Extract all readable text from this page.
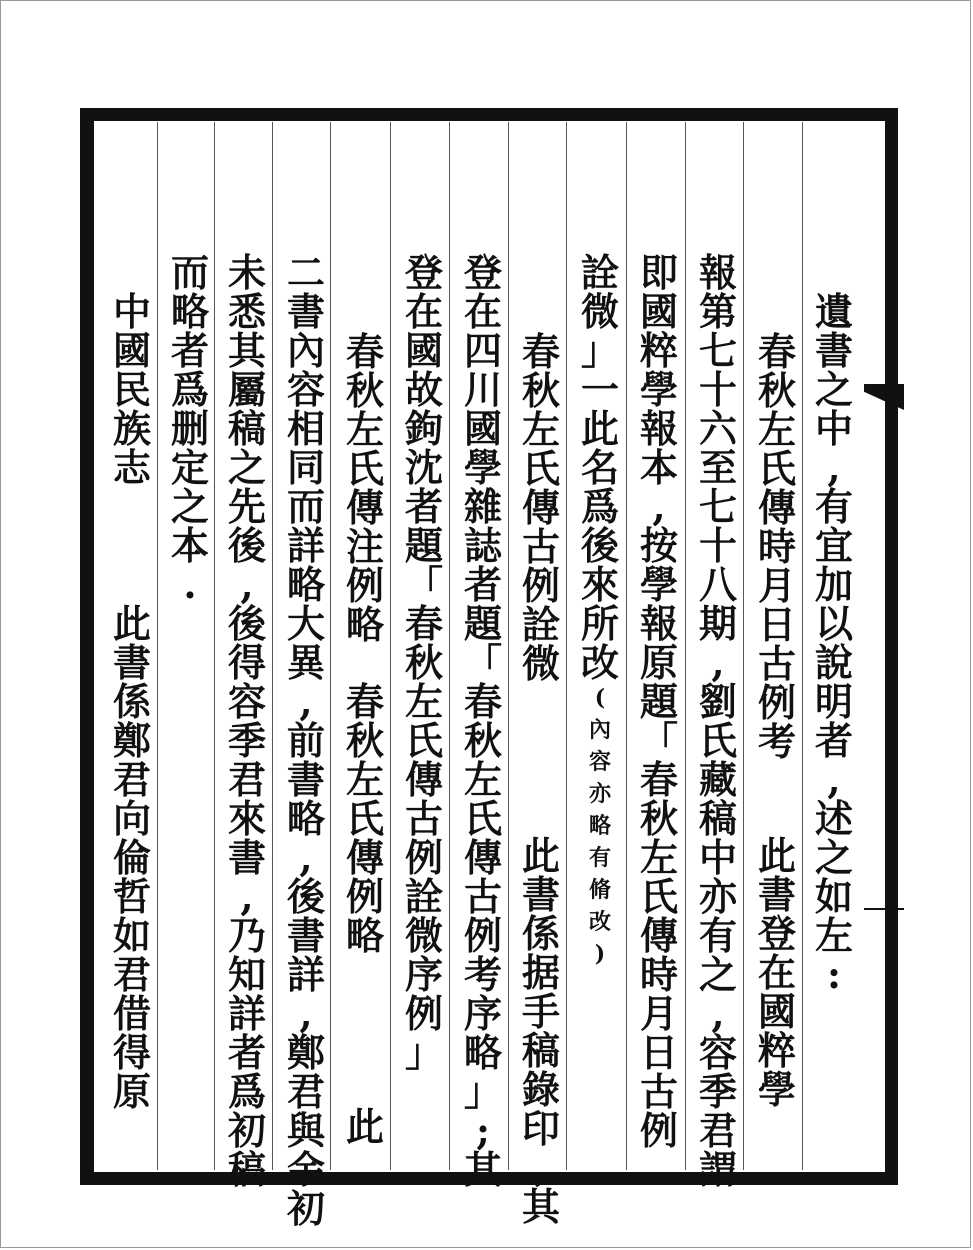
遺
書
之
中
,
有
宜
加
以
說
明
者
,
述
之
如
左
:
春
秋
左
氏
傳
時
月
日
古
例
考
此
書
登
在
國
粹
學
報
第
七
十
六
至
七
十
八
期
,
劉
氏
藏
稿
中
亦
有
之
,
容
季
君
謂
即
國
粹
學
報
本
,
按
學
報
原
題
「
春
秋
左
氏
傳
時
月
日
古
例
詮
微
」
一
此
名
爲
後
來
所
改
(
內
容
亦
略
有
脩
改
)
春
秋
左
氏
傳
古
例
詮
微
此
書
係
据
手
稿
錄
印
,
其
登
在
四
川
國
學
雜
誌
者
題
「
春
秋
左
氏
傳
古
例
考
序
略
」
;
其
登
在
國
故
鉤
沈
者
題
「
春
秋
左
氏
傳
古
例
詮
微
序
例
」
春
秋
左
氏
傳
注
例
略
春
秋
左
氏
傳
例
略
此
二
書
內
容
相
同
而
詳
略
大
異
,
前
書
略
,
後
書
詳
,
鄭
君
與
余
初
未
悉
其
屬
稿
之
先
後
,
後
得
容
季
君
來
書
,
乃
知
詳
者
爲
初
稿
而
略
者
爲
删
定
之
本
.
中
國
民
族
志
此
書
係
鄭
君
向
倫
哲
如
君
借
得
原
